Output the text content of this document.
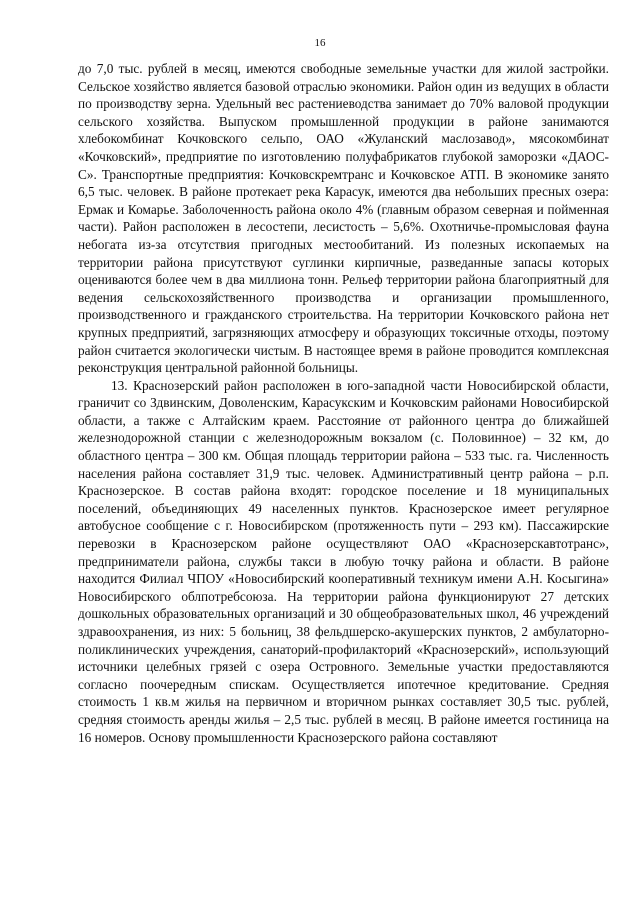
16

до 7,0 тыс. рублей в месяц, имеются свободные земельные участки для жилой застройки. Сельское хозяйство является базовой отраслью экономики. Район один из ведущих в области по производству зерна. Удельный вес растениеводства занимает до 70% валовой продукции сельского хозяйства. Выпуском промышленной продукции в районе занимаются хлебокомбинат Кочковского сельпо, ОАО «Жуланский маслозавод», мясокомбинат «Кочковский», предприятие по изготовлению полуфабрикатов глубокой заморозки «ДАОС-С». Транспортные предприятия: Кочковскремтранс и Кочковское АТП. В экономике занято 6,5 тыс. человек. В районе протекает река Карасук, имеются два небольших пресных озера: Ермак и Комарье. Заболоченность района около 4% (главным образом северная и пойменная части). Район расположен в лесостепи, лесистость – 5,6%. Охотничье-промысловая фауна небогата из-за отсутствия пригодных местообитаний. Из полезных ископаемых на территории района присутствуют суглинки кирпичные, разведанные запасы которых оцениваются более чем в два миллиона тонн. Рельеф территории района благоприятный для ведения сельскохозяйственного производства и организации промышленного, производственного и гражданского строительства. На территории Кочковского района нет крупных предприятий, загрязняющих атмосферу и образующих токсичные отходы, поэтому район считается экологически чистым. В настоящее время в районе проводится комплексная реконструкция центральной районной больницы.

13. Краснозерский район расположен в юго-западной части Новосибирской области, граничит со Здвинским, Доволенским, Карасукским и Кочковским районами Новосибирской области, а также с Алтайским краем. Расстояние от районного центра до ближайшей железнодорожной станции с железнодорожным вокзалом (с. Половинное) – 32 км, до областного центра – 300 км. Общая площадь территории района – 533 тыс. га. Численность населения района составляет 31,9 тыс. человек. Административный центр района – р.п. Краснозерское. В состав района входят: городское поселение и 18 муниципальных поселений, объединяющих 49 населенных пунктов. Краснозерское имеет регулярное автобусное сообщение с г. Новосибирском (протяженность пути – 293 км). Пассажирские перевозки в Краснозерском районе осуществляют ОАО «Краснозерскавтотранс», предприниматели района, службы такси в любую точку района и области. В районе находится Филиал ЧПОУ «Новосибирский кооперативный техникум имени А.Н. Косыгина» Новосибирского облпотребсоюза. На территории района функционируют 27 детских дошкольных образовательных организаций и 30 общеобразовательных школ, 46 учреждений здравоохранения, из них: 5 больниц, 38 фельдшерско-акушерских пунктов, 2 амбулаторно-поликлинических учреждения, санаторий-профилакторий «Краснозерский», использующий источники целебных грязей с озера Островного. Земельные участки предоставляются согласно поочередным спискам. Осуществляется ипотечное кредитование. Средняя стоимость 1 кв.м жилья на первичном и вторичном рынках составляет 30,5 тыс. рублей, средняя стоимость аренды жилья – 2,5 тыс. рублей в месяц. В районе имеется гостиница на 16 номеров. Основу промышленности Краснозерского района составляют
